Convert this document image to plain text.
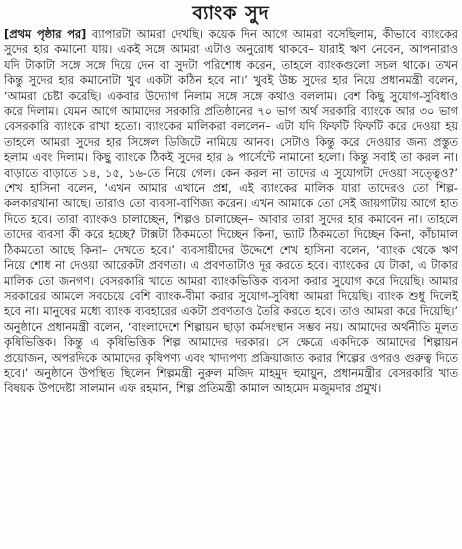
ব্যাংক সুদ
[প্রথম পৃষ্ঠার পর] ব্যাপারটা আমরা দেখছি। কয়েক দিন আগে আমরা বসেছিলাম, কীভাবে ব্যাংকের সুদের হার কমানো যায়। একই সঙ্গে আমরা এটাও অনুরোধ থাকবে– যারাই ঋণ নেবেন, আপনারাও যদি টাকাটা সঙ্গে সঙ্গে দিয়ে দেন বা সুদটা পরিশোধ করেন, তাহলে ব্যাংকগুলো সচল থাকে। তখন কিন্তু সুদের হার কমানোটা খুব একটা কঠিন হবে না।’ খুবই উচ্চ সুদের হার নিয়ে প্রধানমন্ত্রী বলেন, ‘আমরা চেষ্টা করেছি। একবার উদ্যোগ নিলাম সঙ্গে সঙ্গে কথাও বললাম। বেশ কিছু সুযোগ-সুবিধাও করে দিলাম। যেমন আগে আমাদের সরকারি প্রতিষ্ঠানের ৭০ ভাগ অর্থ সরকারি ব্যাংকে আর ৩০ ভাগ বেসরকারি ব্যাংকে রাখা হতো। ব্যাংকের মালিকরা বললেন– এটা যদি ফিফটি ফিফটি করে দেওয়া হয় তাহলে আমরা সুদের হার সিঙ্গেল ডিজিটে নামিয়ে আনব। সেটাও কিন্তু করে দেওয়ার জন্য প্রস্তুত হলাম এবং দিলাম। কিছু ব্যাংকে ঠিকই সুদের হার ৯ পার্সেন্টে নামানো হলো। কিন্তু সবাই তা করল না। বাড়াতে বাড়াতে ১৪, ১৫, ১৬-তে নিয়ে গেল। কেন করল না তাদের এ সুযোগটা দেওয়া সত্ত্বেও?’ শেখ হাসিনা বলেন, ‘এখন আমার এখানে প্রশ্ন, এই ব্যাংকের মালিক যারা তাদেরও তো শিল্প-কলকারখানা আছে। তারাও তো ব্যবসা-বাণিজ্য করেন। এখন আমাকে তো সেই জায়গাটায় আগে হাত দিতে হবে। তারা ব্যাংকও চালাচ্ছেন, শিল্পও চালাচ্ছেন– আবার তারা সুদের হার কমাবেন না। তাহলে তাদের ব্যবসা কী করে হচ্ছে? টাক্সটা ঠিকমতো দিচ্ছেন কিনা, ভ্যাট ঠিকমতো দিচ্ছেন কিনা, কাঁচামাল ঠিকমতো আছে কিনা– দেখতে হবে।’ ব্যবসায়ীদের উদ্দেশে শেখ হাসিনা বলেন, ‘ব্যাংক থেকে ঋণ নিয়ে শোধ না দেওয়া আরেকটা প্রবণতা। এ প্রবণতাটাও দূর করতে হবে। ব্যাংকের যে টাকা, এ টাকার মালিক তো জনগণ। বেসরকারি খাতে আমরা ব্যাংকভিত্তিক ব্যবসা করার সুযোগ করে দিয়েছি। আমার সরকারের আমলে সবচেয়ে বেশি ব্যাংক-বীমা করার সুযোগ-সুবিধা আমরা দিয়েছি। ব্যাংক শুধু দিলেই হবে না। মানুষের মধ্যে ব্যাংক ব্যবহারের একটা প্রবণতাও তৈরি করতে হবে। তাও আমরা করে দিয়েছি।’ অনুষ্ঠানে প্রধানমন্ত্রী বলেন, ‘বাংলাদেশে শিল্পায়ন ছাড়া কর্মসংস্থান সম্ভব নয়। আমাদের অর্থনীতি মূলত কৃষিভিত্তিক। কিন্তু এ কৃষিভিত্তিক শিল্প আমাদের দরকার। সে ক্ষেত্রে একদিকে আমাদের শিল্পায়ন প্রয়োজন, অপরদিকে আমাদের কৃষিপণ্য এবং খাদ্যপণ্য প্রক্রিয়াজাত করার শিল্পের ওপরও গুরুত্ব দিতে হবে।’ অনুষ্ঠানে উপস্থিত ছিলেন শিল্পমন্ত্রী নুরুল মজিদ মাহমুদ হুমায়ুন, প্রধানমন্ত্রীর বেসরকারি খাত বিষয়ক উপদেষ্টা সালমান এফ রহমান, শিল্প প্রতিমন্ত্রী কামাল আহমেদ মজুমদার প্রমুখ।
